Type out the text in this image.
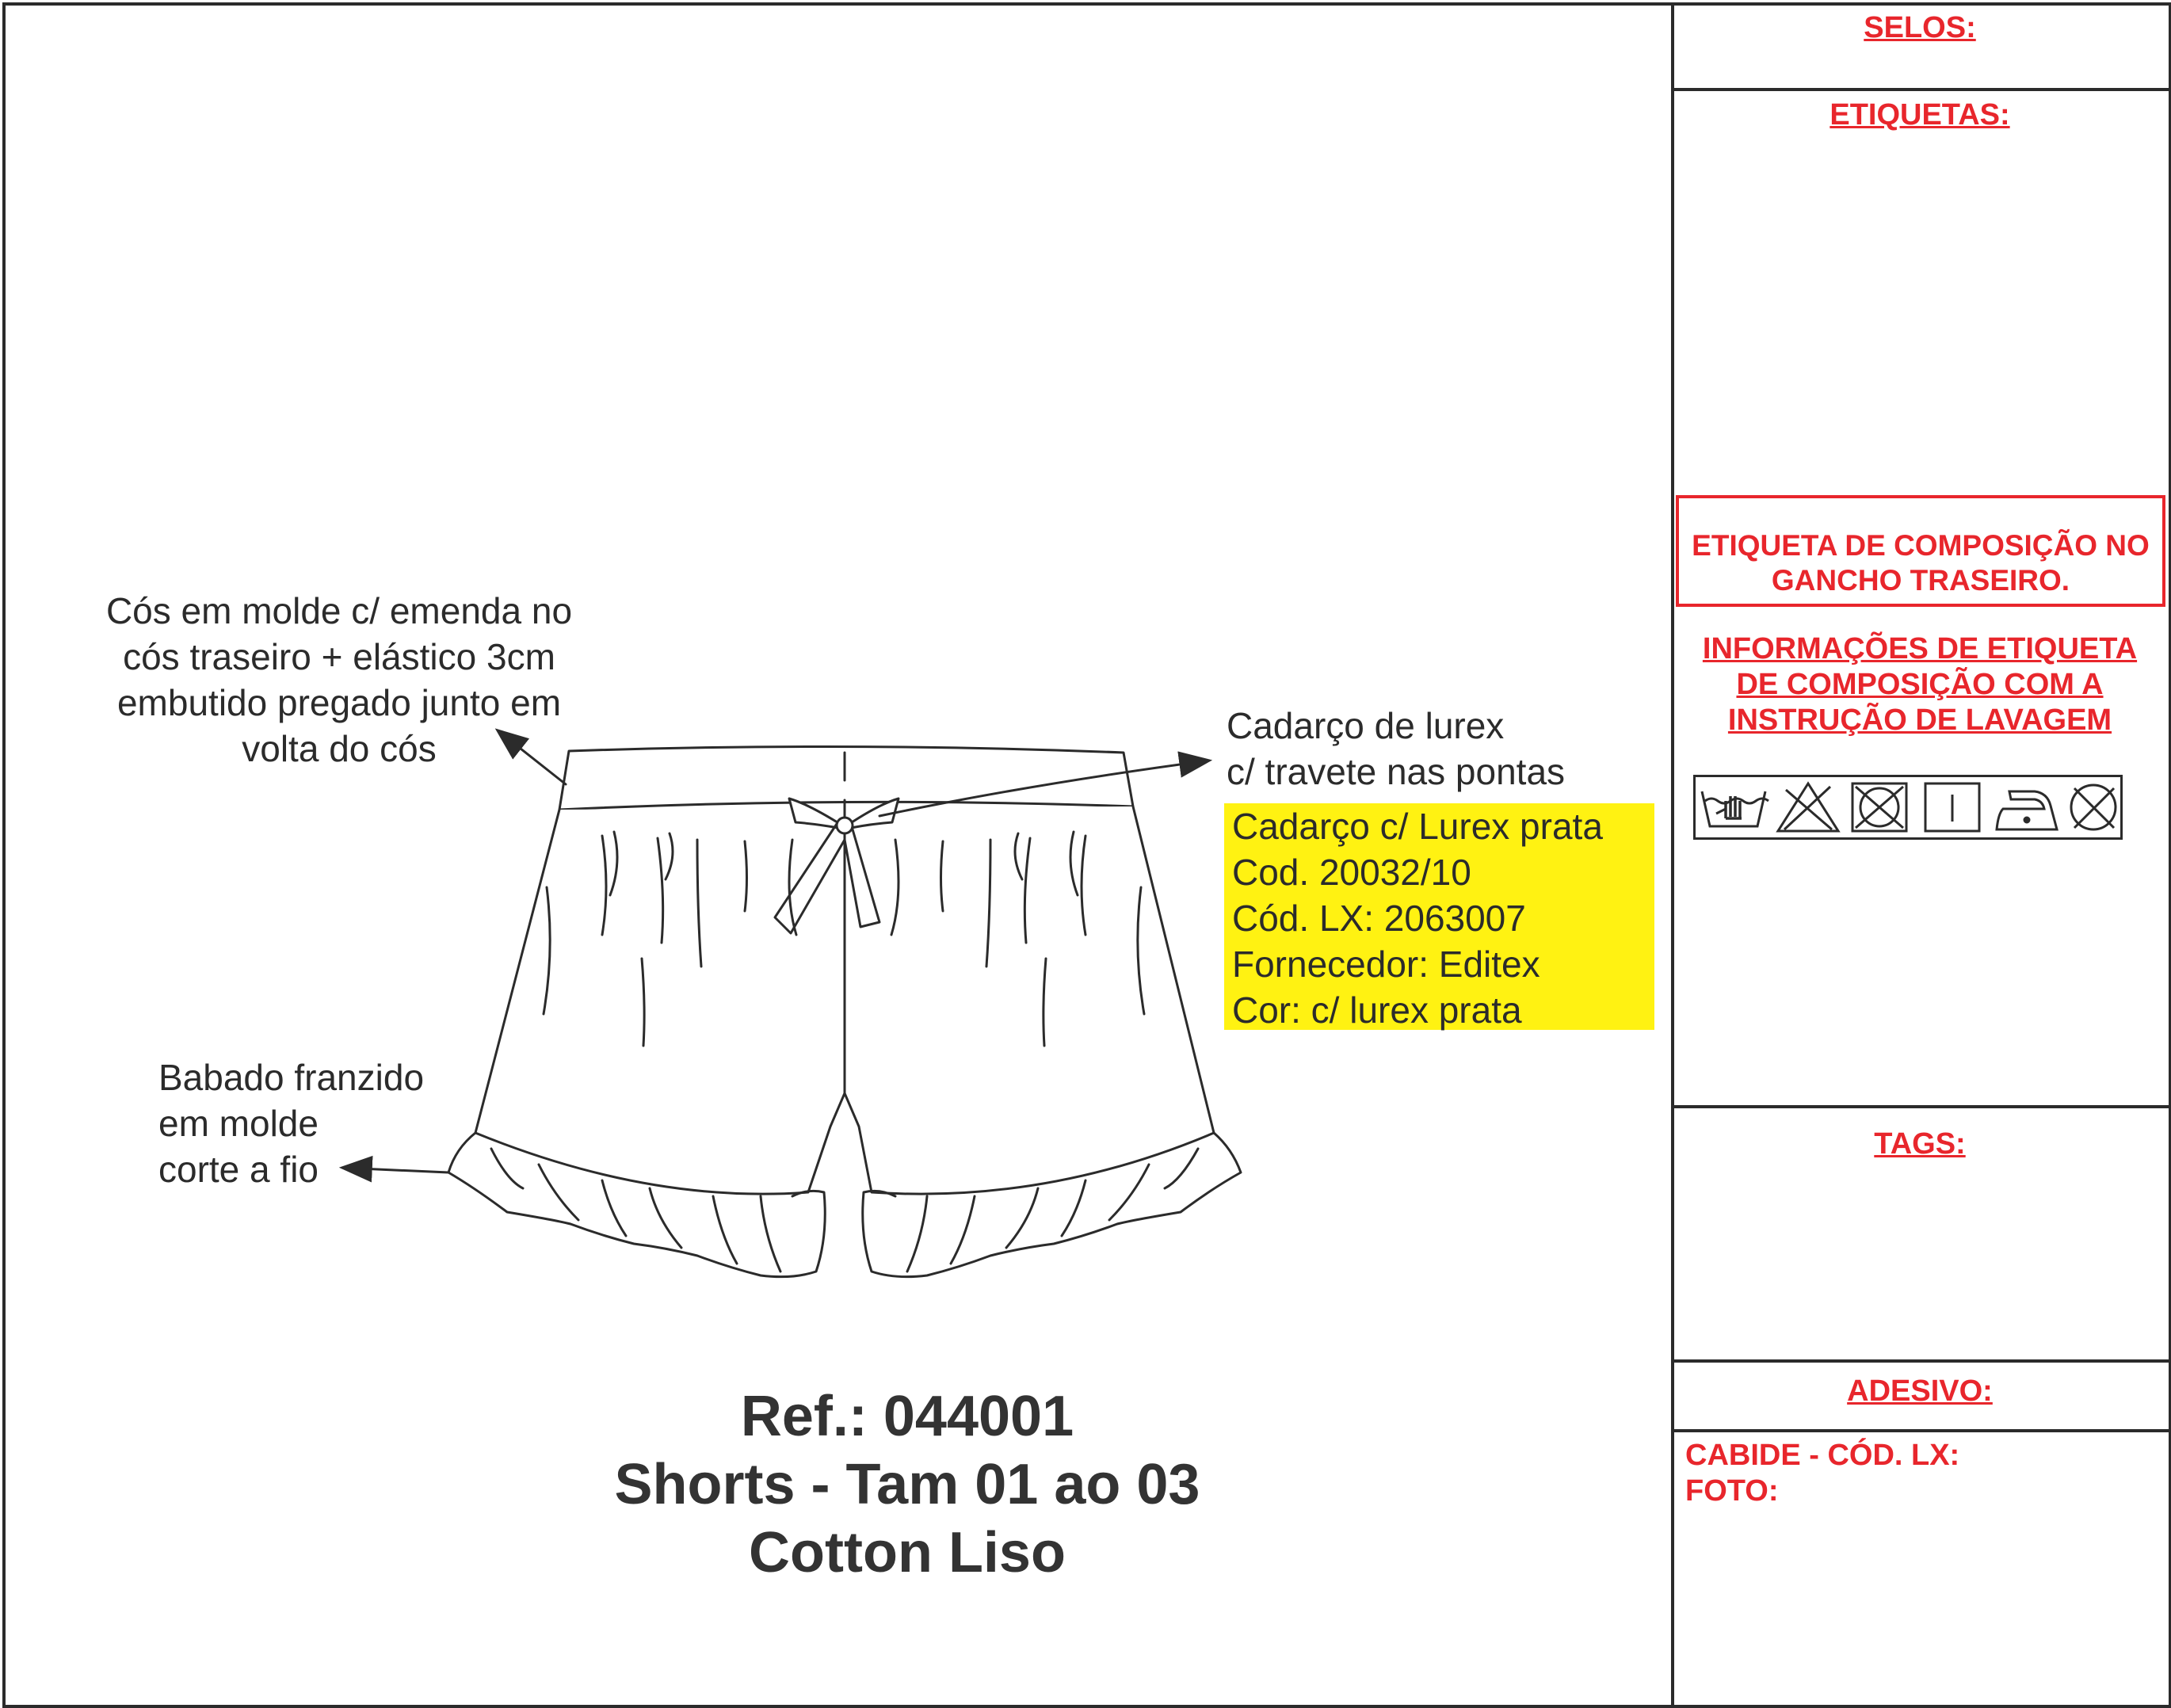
SELOS:
ETIQUETAS:
ETIQUETA DE COMPOSIÇÃO NO
GANCHO TRASEIRO.
INFORMAÇÕES DE ETIQUETA
DE COMPOSIÇÃO COM A
INSTRUÇÃO DE LAVAGEM
TAGS:
ADESIVO:
CABIDE - CÓD. LX:
FOTO:
Cós em molde c/ emenda no
cós traseiro + elástico 3cm
embutido pregado junto em
volta do cós
Cadarço de lurex
c/ travete nas pontas
Babado franzido
em molde
corte a fio
Cadarço c/ Lurex prata
Cod. 20032/10
Cód. LX: 2063007
Fornecedor: Editex
Cor: c/ lurex prata
Ref.: 044001
Shorts - Tam 01 ao 03
Cotton Liso
